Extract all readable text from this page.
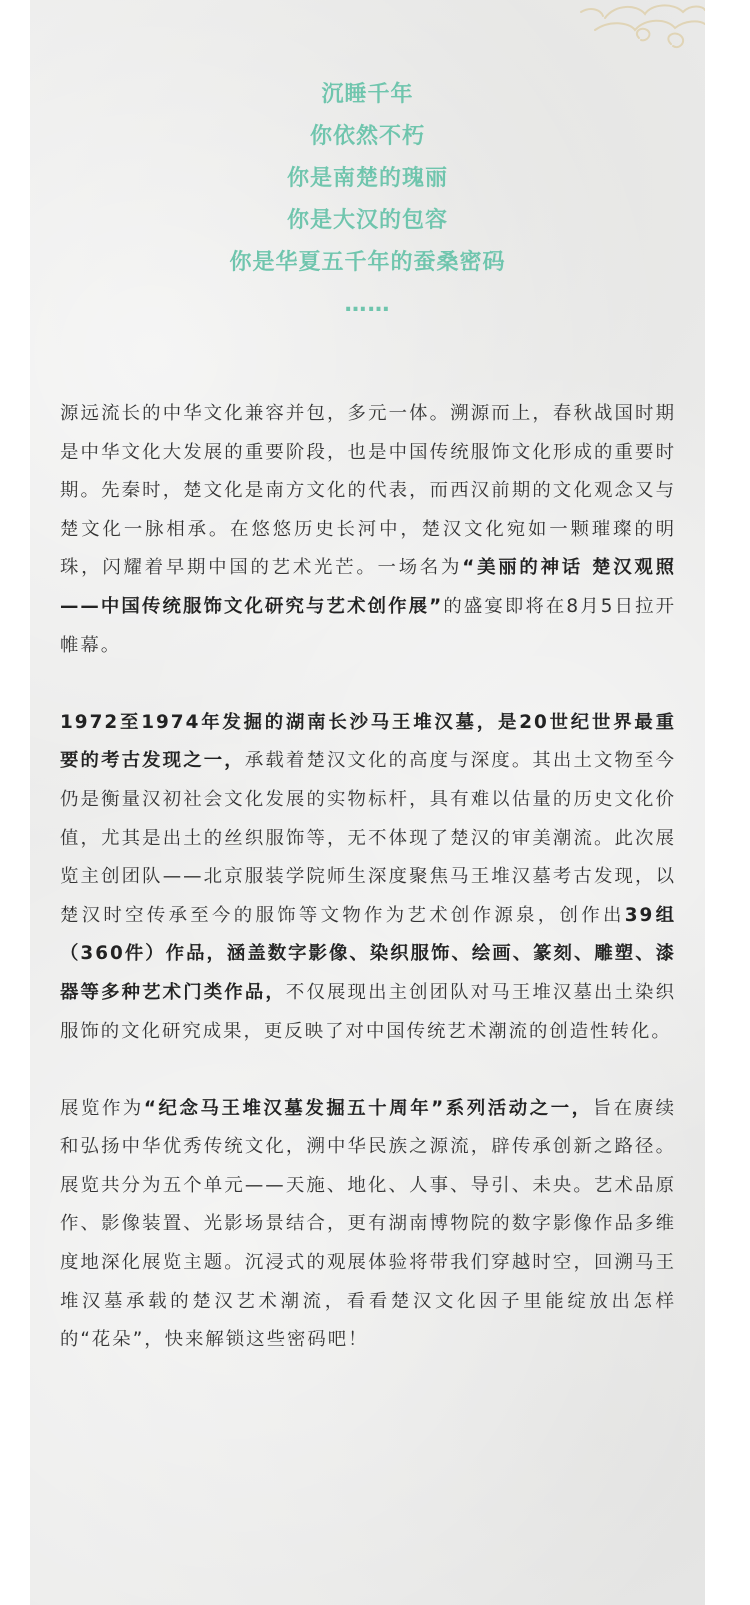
沉睡千年
你依然不朽
你是南楚的瑰丽
你是大汉的包容
你是华夏五千年的蚕桑密码
……

源远流长的中华文化兼容并包，多元一体。溯源而上，春秋战国时期是中华文化大发展的重要阶段，也是中国传统服饰文化形成的重要时期。先秦时，楚文化是南方文化的代表，而西汉前期的文化观念又与楚文化一脉相承。在悠悠历史长河中，楚汉文化宛如一颗璀璨的明珠，闪耀着早期中国的艺术光芒。一场名为“美丽的神话 楚汉观照——中国传统服饰文化研究与艺术创作展”的盛宴即将在8月5日拉开帷幕。

1972至1974年发掘的湖南长沙马王堆汉墓，是20世纪世界最重要的考古发现之一，承载着楚汉文化的高度与深度。其出土文物至今仍是衡量汉初社会文化发展的实物标杆，具有难以估量的历史文化价值，尤其是出土的丝织服饰等，无不体现了楚汉的审美潮流。此次展览主创团队——北京服装学院师生深度聚焦马王堆汉墓考古发现，以楚汉时空传承至今的服饰等文物作为艺术创作源泉，创作出39组（360件）作品，涵盖数字影像、染织服饰、绘画、篆刻、雕塑、漆器等多种艺术门类作品，不仅展现出主创团队对马王堆汉墓出土染织服饰的文化研究成果，更反映了对中国传统艺术潮流的创造性转化。

展览作为“纪念马王堆汉墓发掘五十周年”系列活动之一，旨在赓续和弘扬中华优秀传统文化，溯中华民族之源流，辟传承创新之路径。展览共分为五个单元——天施、地化、人事、导引、未央。艺术品原作、影像装置、光影场景结合，更有湖南博物院的数字影像作品多维度地深化展览主题。沉浸式的观展体验将带我们穿越时空，回溯马王堆汉墓承载的楚汉艺术潮流，看看楚汉文化因子里能绽放出怎样的“花朵”，快来解锁这些密码吧！
